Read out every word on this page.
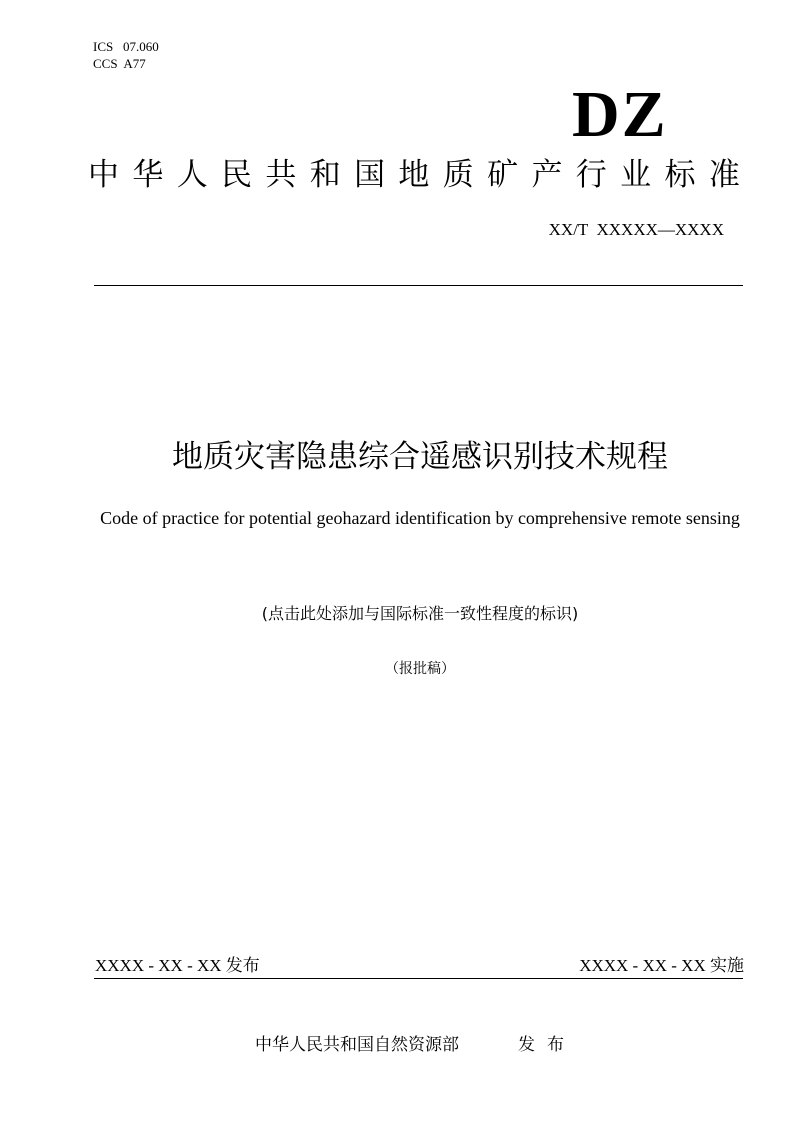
ICS   07.060
CCS  A77
DZ
中 华 人 民 共 和 国 地 质 矿 产 行 业 标 准
XX/T  XXXXX—XXXX
地质灾害隐患综合遥感识别技术规程
Code of practice for potential geohazard identification by comprehensive remote sensing
(点击此处添加与国际标准一致性程度的标识)
（报批稿）
XXXX - XX - XX 发布	XXXX - XX - XX 实施
中华人民共和国自然资源部	发布
